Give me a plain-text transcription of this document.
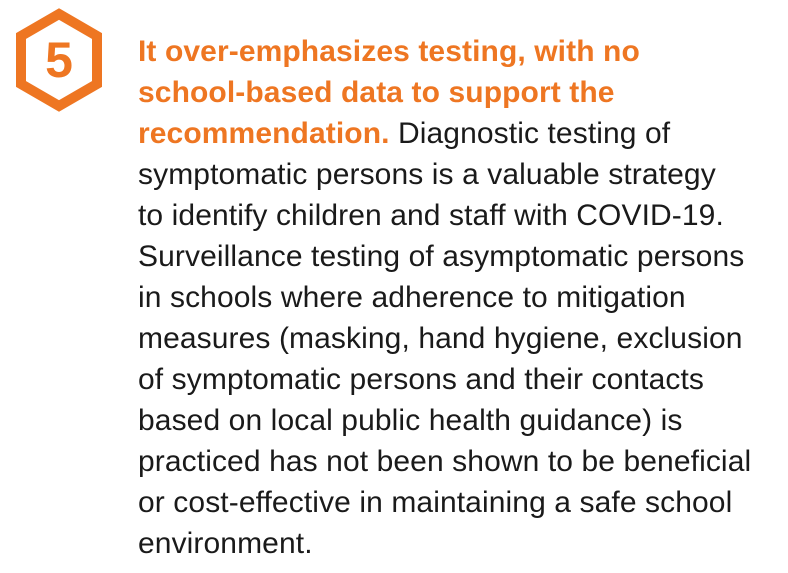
5	It over-emphasizes testing, with no
school-based data to support the
recommendation. Diagnostic testing of
symptomatic persons is a valuable strategy
to identify children and staff with COVID-19.
Surveillance testing of asymptomatic persons
in schools where adherence to mitigation
measures (masking, hand hygiene, exclusion
of symptomatic persons and their contacts
based on local public health guidance) is
practiced has not been shown to be beneficial
or cost-effective in maintaining a safe school
environment.
